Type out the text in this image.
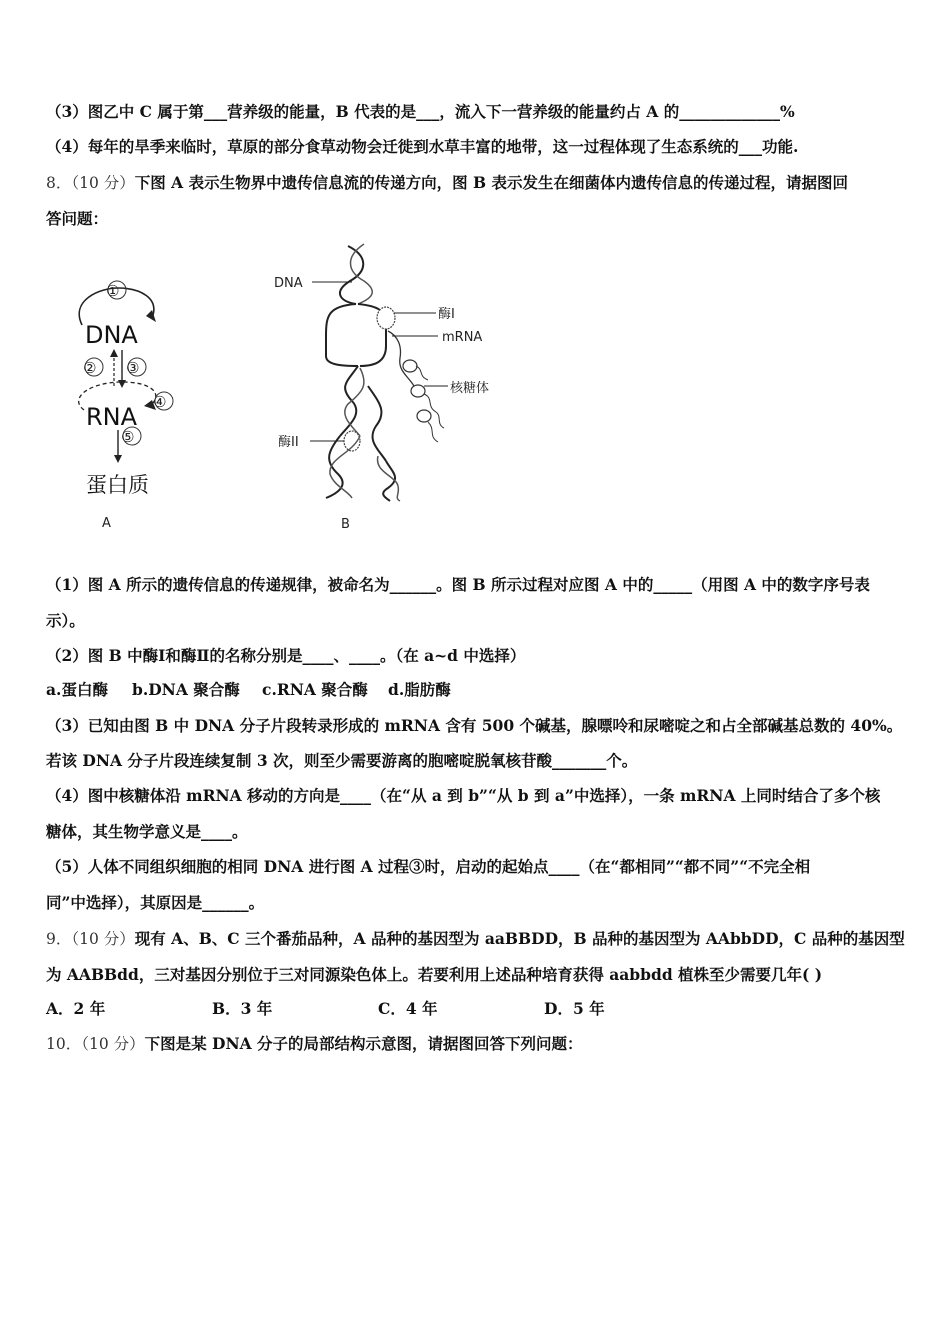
（3）图乙中 C 属于第___营养级的能量，B 代表的是___，流入下一营养级的能量约占 A 的_____________%
（4）每年的旱季来临时，草原的部分食草动物会迁徙到水草丰富的地带，这一过程体现了生态系统的___功能.
8．（10 分）下图 A 表示生物界中遗传信息流的传递方向，图 B 表示发生在细菌体内遗传信息的传递过程，请据图回
答问题：
①
DNA
② ③
④
RNA
⑤
蛋白质
A
酶I
mRNA
核糖体
酶II
DNA
B
（1）图 A 所示的遗传信息的传递规律，被命名为______。图 B 所示过程对应图 A 中的_____（用图 A 中的数字序号表
示）。
（2）图 B 中酶Ⅰ和酶Ⅱ的名称分别是____、____。（在 a~d 中选择）
a.蛋白酶 b.DNA 聚合酶 c.RNA 聚合酶 d.脂肪酶
（3）已知由图 B 中 DNA 分子片段转录形成的 mRNA 含有 500 个碱基，腺嘌呤和尿嘧啶之和占全部碱基总数的 40%。
若该 DNA 分子片段连续复制 3 次，则至少需要游离的胞嘧啶脱氧核苷酸_______个。
（4）图中核糖体沿 mRNA 移动的方向是____（在“从 a 到 b”“从 b 到 a”中选择），一条 mRNA 上同时结合了多个核
糖体，其生物学意义是____。
（5）人体不同组织细胞的相同 DNA 进行图 A 过程③时，启动的起始点____（在“都相同”“都不同”“不完全相
同”中选择），其原因是______。
9．（10 分）现有 A、B、C 三个番茄品种，A 品种的基因型为 aaBBDD，B 品种的基因型为 AAbbDD，C 品种的基因型
为 AABBdd，三对基因分别位于三对同源染色体上。若要利用上述品种培育获得 aabbdd 植株至少需要几年( )
A．2 年	B．3 年	C．4 年	D．5 年
10．（10 分）下图是某 DNA 分子的局部结构示意图，请据图回答下列问题：
